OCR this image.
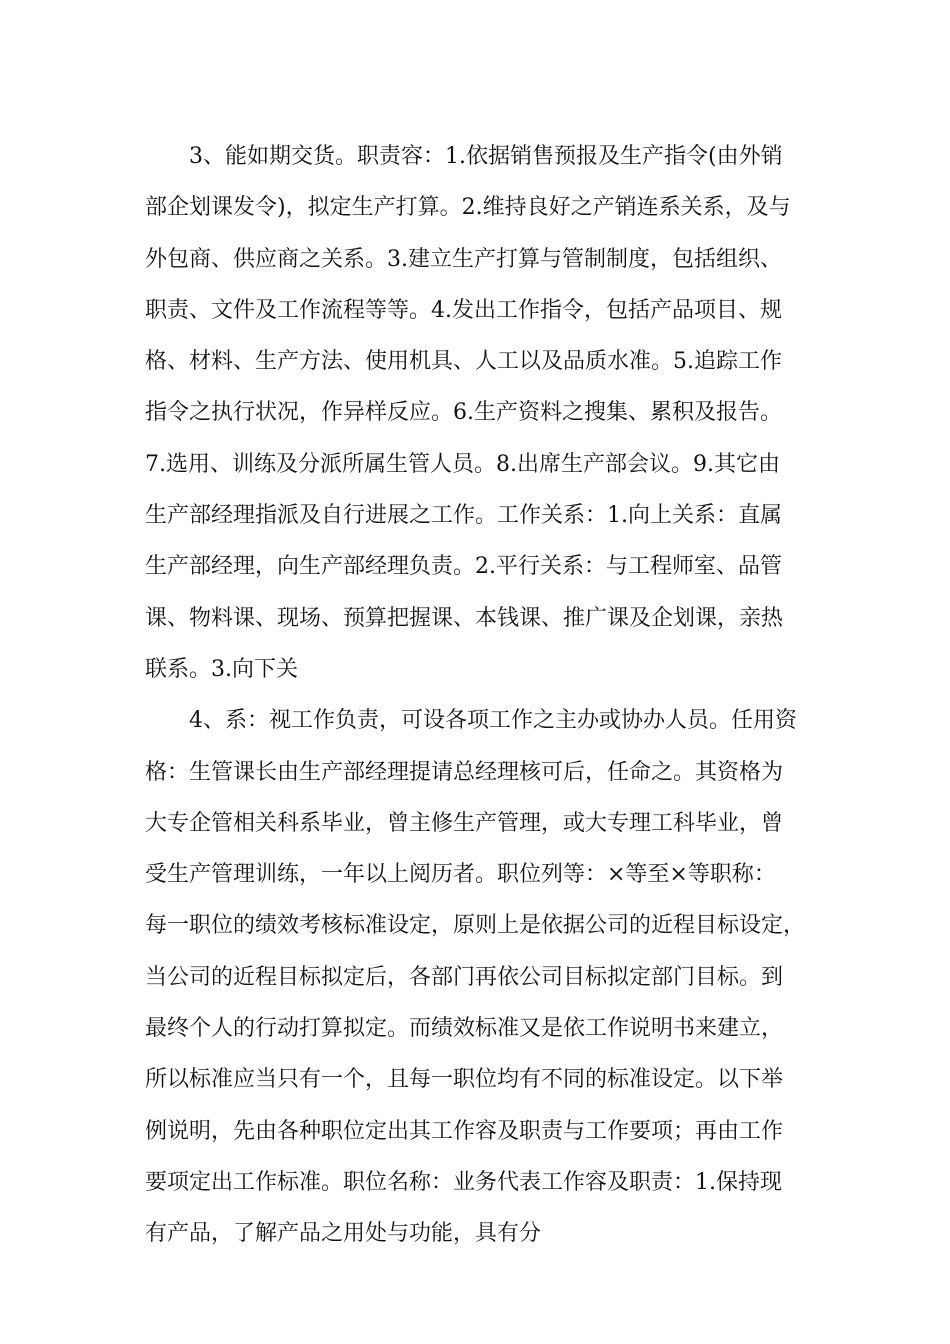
3、能如期交货。职责容：1.依据销售预报及生产指令(由外销
部企划课发令)，拟定生产打算。2.维持良好之产销连系关系，及与
外包商、供应商之关系。3.建立生产打算与管制制度，包括组织、
职责、文件及工作流程等等。4.发出工作指令，包括产品项目、规
格、材料、生产方法、使用机具、人工以及品质水准。5.追踪工作
指令之执行状况，作异样反应。6.生产资料之搜集、累积及报告。
7.选用、训练及分派所属生管人员。8.出席生产部会议。9.其它由
生产部经理指派及自行进展之工作。工作关系：1.向上关系：直属
生产部经理，向生产部经理负责。2.平行关系：与工程师室、品管
课、物料课、现场、预算把握课、本钱课、推广课及企划课，亲热
联系。3.向下关
4、系：视工作负责，可设各项工作之主办或协办人员。任用资
格：生管课长由生产部经理提请总经理核可后，任命之。其资格为
大专企管相关科系毕业，曾主修生产管理，或大专理工科毕业，曾
受生产管理训练，一年以上阅历者。职位列等：×等至×等职称：
每一职位的绩效考核标准设定，原则上是依据公司的近程目标设定，
当公司的近程目标拟定后，各部门再依公司目标拟定部门目标。到
最终个人的行动打算拟定。而绩效标准又是依工作说明书来建立，
所以标准应当只有一个，且每一职位均有不同的标准设定。以下举
例说明，先由各种职位定出其工作容及职责与工作要项；再由工作
要项定出工作标准。职位名称：业务代表工作容及职责：1.保持现
有产品，了解产品之用处与功能，具有分
